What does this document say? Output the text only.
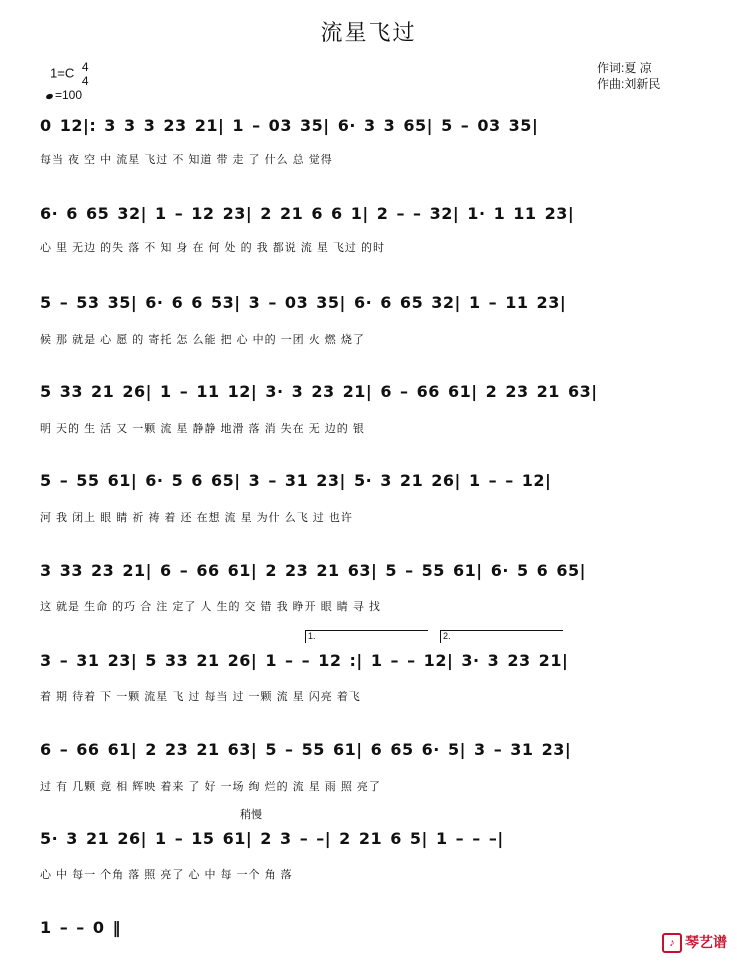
流星飞过
1=C 4
4
=100
作词:夏 凉
作曲:刘新民
0 12|: 3 3 3 23 21| 1 – 03 35| 6· 3 3 65| 5 – 03 35|
每当 夜 空 中 流星 飞过 不 知道 带 走 了 什么 总 觉得
6· 6 65 32| 1 – 12 23| 2 21 6 6 1| 2 – – 32| 1· 1 11 23|
心 里 无边 的失 落 不 知 身 在 何 处 的 我 都说 流 星 飞过 的时
5 – 53 35| 6· 6 6 53| 3 – 03 35| 6· 6 65 32| 1 – 11 23|
候 那 就是 心 愿 的 寄托 怎 么能 把 心 中的 一团 火 燃 烧了
5 33 21 26| 1 – 11 12| 3· 3 23 21| 6 – 66 61| 2 23 21 63|
明 天的 生 活 又 一颗 流 星 静静 地滑 落 消 失在 无 边的 银
5 – 55 61| 6· 5 6 65| 3 – 31 23| 5· 3 21 26| 1 – – 12|
河 我 闭上 眼 睛 祈 祷 着 还 在想 流 星 为什 么飞 过 也许
3 33 23 21| 6 – 66 61| 2 23 21 63| 5 – 55 61| 6· 5 6 65|
这 就是 生命 的巧 合 注 定了 人 生的 交 错 我 睁开 眼 睛 寻 找
1.	2.
3 – 31 23| 5 33 21 26| 1 – – 12 :| 1 – – 12| 3· 3 23 21|
着 期 待着 下 一颗 流星 飞 过 每当 过 一颗 流 星 闪亮 着飞
6 – 66 61| 2 23 21 63| 5 – 55 61| 6 65 6· 5| 3 – 31 23|
过 有 几颗 竟 相 辉映 着来 了 好 一场 绚 烂的 流 星 雨 照 亮了
稍慢
5· 3 21 26| 1 – 15 61| 2 3 – –| 2 21 6 5| 1 – – –|
心 中 每一 个角 落 照 亮了 心 中 每 一个 角 落
1 – – 0 ‖
♪ 琴艺谱
